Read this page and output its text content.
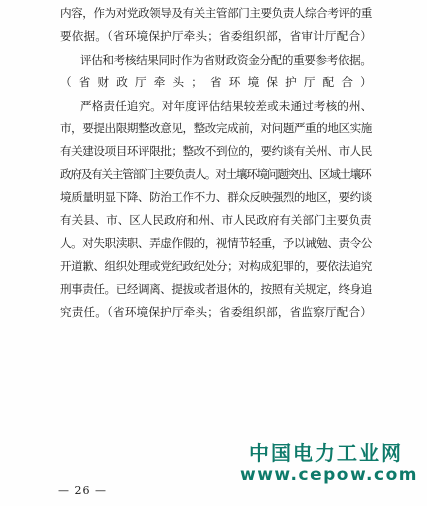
内容，作为对党政领导及有关主管部门主要负责人综合考评的重
要依据。（省环境保护厅牵头；省委组织部，省审计厅配合）
评估和考核结果同时作为省财政资金分配的重要参考依据。
（省财政厅牵头；省环境保护厅配合）
严格责任追究。对年度评估结果较差或未通过考核的州、
市，要提出限期整改意见，整改完成前，对问题严重的地区实施
有关建设项目环评限批；整改不到位的，要约谈有关州、市人民
政府及有关主管部门主要负责人。对土壤环境问题突出、区域土壤环
境质量明显下降、防治工作不力、群众反映强烈的地区，要约谈
有关县、市、区人民政府和州、市人民政府有关部门主要负责
人。对失职渎职、弄虚作假的，视情节轻重，予以诫勉、责令公
开道歉、组织处理或党纪政纪处分；对构成犯罪的，要依法追究
刑事责任。已经调离、提拔或者退休的，按照有关规定，终身追
究责任。（省环境保护厅牵头；省委组织部，省监察厅配合）
中国电力工业网
www.cepow.com
— 26 —
